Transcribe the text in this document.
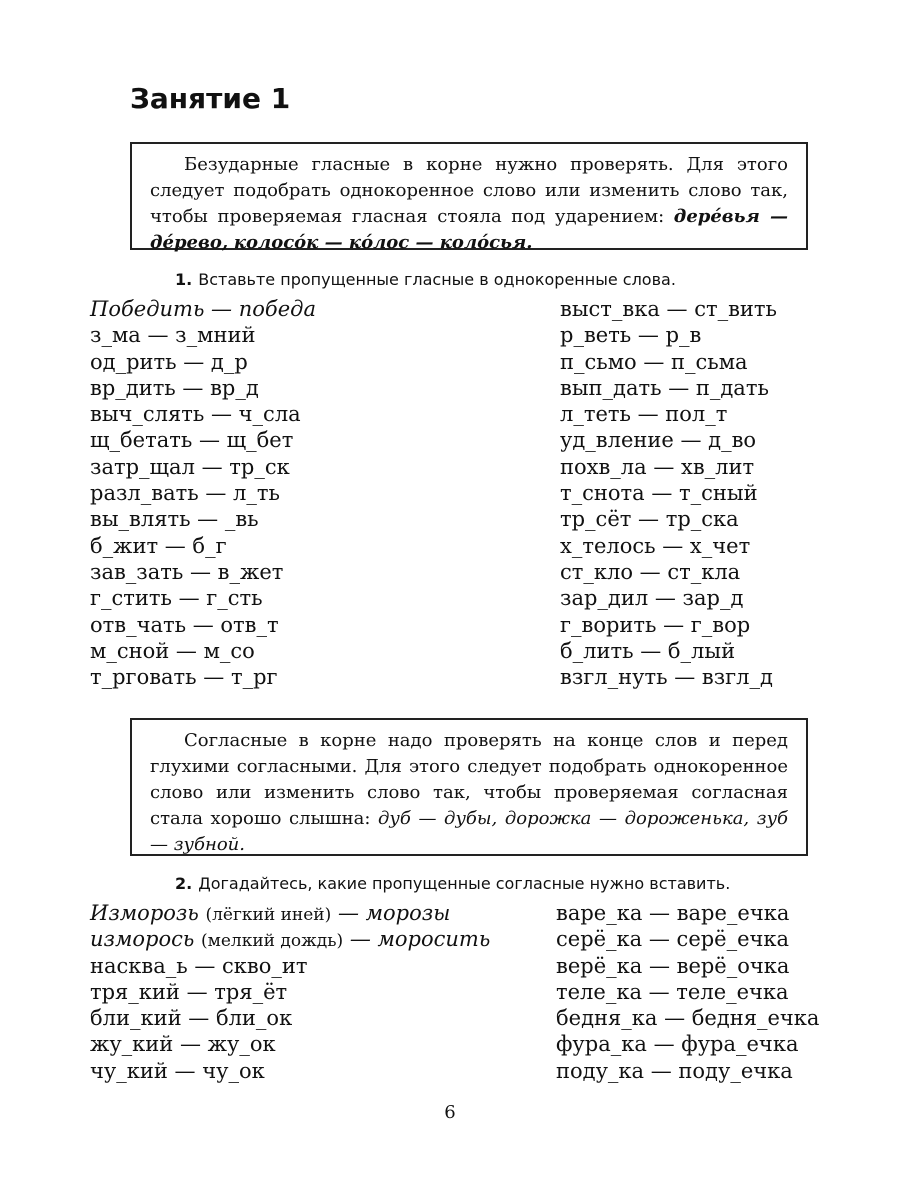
Занятие 1
Безударные гласные в корне нужно проверять. Для этого следует подобрать однокоренное слово или изменить слово так, чтобы проверяемая гласная стояла под ударением: дерéвья — дéрево, колосóк — кóлос — колóсья.
1. Вставьте пропущенные гласные в однокоренные слова.
Победить — победа
з_ма — з_мний
од_рить — д_р
вр_дить — вр_д
выч_слять — ч_сла
щ_бетать — щ_бет
затр_щал — тр_ск
разл_вать — л_ть
вы_влять — _вь
б_жит — б_г
зав_зать — в_жет
г_стить — г_сть
отв_чать — отв_т
м_сной — м_со
т_рговать — т_рг
выст_вка — ст_вить
р_веть — р_в
п_сьмо — п_сьма
вып_дать — п_дать
л_теть — пол_т
уд_вление — д_во
похв_ла — хв_лит
т_снота — т_сный
тр_сёт — тр_ска
х_телось — х_чет
ст_кло — ст_кла
зар_дил — зар_д
г_ворить — г_вор
б_лить — б_лый
взгл_нуть — взгл_д
Согласные в корне надо проверять на конце слов и перед глухими согласными. Для этого следует подобрать однокоренное слово или изменить слово так, чтобы проверяемая согласная стала хорошо слышна: дуб — дубы, дорожка — дороженька, зуб — зубной.
2. Догадайтесь, какие пропущенные согласные нужно вставить.
Изморозь (лёгкий иней) — морозы
изморось (мелкий дождь) — моросить
насква_ь — скво_ит
тря_кий — тря_ёт
бли_кий — бли_ок
жу_кий — жу_ок
чу_кий — чу_ок
варе_ка — варе_ечка
серё_ка — серё_ечка
верё_ка — верё_очка
теле_ка — теле_ечка
бедня_ка — бедня_ечка
фура_ка — фура_ечка
поду_ка — поду_ечка
6
